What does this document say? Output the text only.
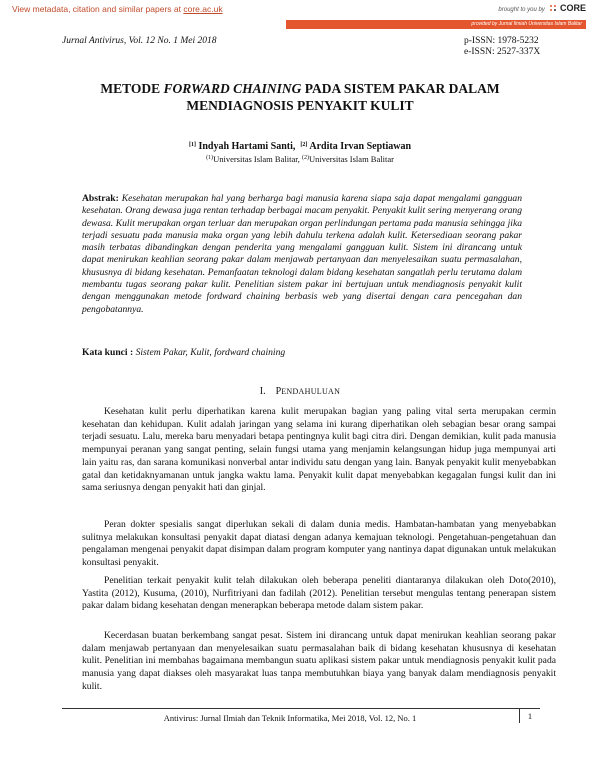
View metadata, citation and similar papers at core.ac.uk	brought to you by CORE
provided by Jurnal Ilmiah Universitas Islam Balitar
Jurnal Antivirus, Vol. 12 No. 1 Mei 2018	p-ISSN: 1978-5232
e-ISSN: 2527-337X
METODE FORWARD CHAINING PADA SISTEM PAKAR DALAM
MENDIAGNOSIS PENYAKIT KULIT
[1] Indyah Hartami Santi, [2] Ardita Irvan Septiawan
$^{(1)}$Universitas Islam Balitar, $^{(2)}$Universitas Islam Balitar
Abstrak: Kesehatan merupakan hal yang berharga bagi manusia karena siapa saja dapat mengalami gangguan kesehatan. Orang dewasa juga rentan terhadap berbagai macam penyakit. Penyakit kulit sering menyerang orang dewasa. Kulit merupakan organ terluar dan merupakan organ perlindungan pertama pada manusia sehingga jika terjadi sesuatu pada manusia maka organ yang lebih dahulu terkena adalah kulit. Ketersediaan seorang pakar masih terbatas dibandingkan dengan penderita yang mengalami gangguan kulit. Sistem ini dirancang untuk dapat menirukan keahlian seorang pakar dalam menjawab pertanyaan dan menyelesaikan suatu permasalahan, khususnya di bidang kesehatan. Pemanfaatan teknologi dalam bidang kesehatan sangatlah perlu terutama dalam membantu tugas seorang pakar kulit. Penelitian sistem pakar ini bertujuan untuk mendiagnosis penyakit kulit dengan menggunakan metode fordward chaining berbasis web yang disertai dengan cara pencegahan dan pengobatannya.
Kata kunci : Sistem Pakar, Kulit, fordward chaining
I. PENDAHULUAN
Kesehatan kulit perlu diperhatikan karena kulit merupakan bagian yang paling vital serta merupakan cermin kesehatan dan kehidupan. Kulit adalah jaringan yang selama ini kurang diperhatikan oleh sebagian besar orang sampai terjadi sesuatu. Lalu, mereka baru menyadari betapa pentingnya kulit bagi citra diri. Dengan demikian, kulit pada manusia mempunyai peranan yang sangat penting, selain fungsi utama yang menjamin kelangsungan hidup juga mempunyai arti lain yaitu ras, dan sarana komunikasi nonverbal antar individu satu dengan yang lain. Banyak penyakit kulit menyebabkan gatal dan ketidaknyamanan untuk jangka waktu lama. Penyakit kulit dapat menyebabkan kegagalan fungsi kulit dan ini sama seriusnya dengan penyakit hati dan ginjal.
Peran dokter spesialis sangat diperlukan sekali di dalam dunia medis. Hambatan-hambatan yang menyebabkan sulitnya melakukan konsultasi penyakit dapat diatasi dengan adanya kemajuan teknologi. Pengetahuan-pengetahuan dan pengalaman mengenai penyakit dapat disimpan dalam program komputer yang nantinya dapat digunakan untuk melakukan konsultasi penyakit.
Penelitian terkait penyakit kulit telah dilakukan oleh beberapa peneliti diantaranya dilakukan oleh Doto(2010), Yastita (2012), Kusuma, (2010), Nurfitriyani dan fadilah (2012). Penelitian tersebut mengulas tentang penerapan sistem pakar dalam bidang kesehatan dengan menerapkan beberapa metode dalam sistem pakar.
Kecerdasan buatan berkembang sangat pesat. Sistem ini dirancang untuk dapat menirukan keahlian seorang pakar dalam menjawab pertanyaan dan menyelesaikan suatu permasalahan baik di bidang kesehatan khususnya di kesehatan kulit. Penelitian ini membahas bagaimana membangun suatu aplikasi sistem pakar untuk mendiagnosis penyakit kulit pada manusia yang dapat diakses oleh masyarakat luas tanpa membutuhkan biaya yang banyak dalam mendiagnosis penyakit kulit.
Antivirus: Jurnal Ilmiah dan Teknik Informatika, Mei 2018, Vol. 12, No. 1	1
